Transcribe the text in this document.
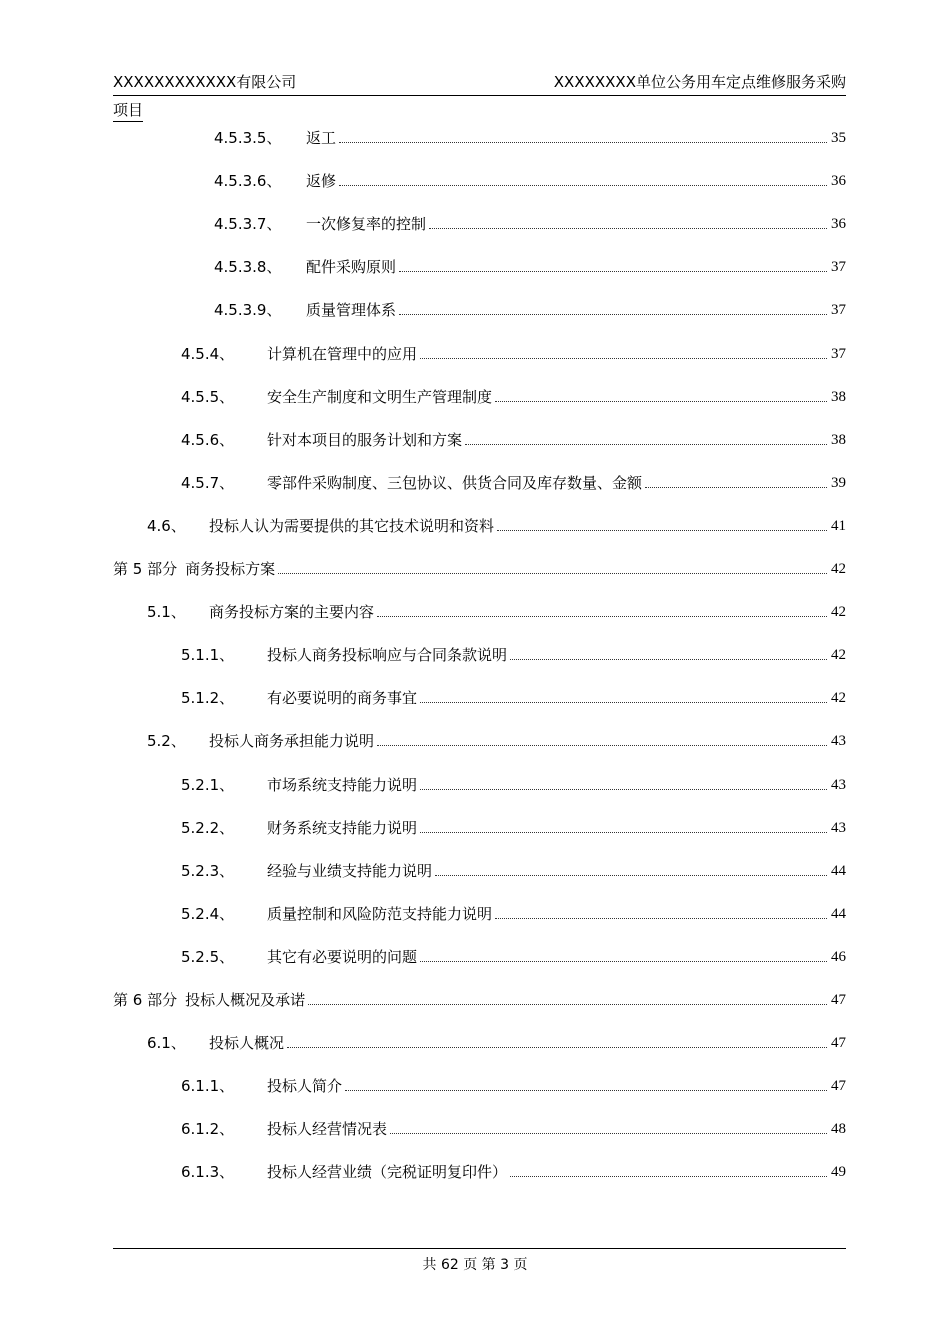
XXXXXXXXXXXX有限公司	XXXXXXXX单位公务用车定点维修服务采购
项目
4.5.3.5、	返工	35
4.5.3.6、	返修	36
4.5.3.7、	一次修复率的控制	36
4.5.3.8、	配件采购原则	37
4.5.3.9、	质量管理体系	37
4.5.4、	计算机在管理中的应用	37
4.5.5、	安全生产制度和文明生产管理制度	38
4.5.6、	针对本项目的服务计划和方案	38
4.5.7、	零部件采购制度、三包协议、供货合同及库存数量、金额	39
4.6、	投标人认为需要提供的其它技术说明和资料	41
第 5 部分 商务投标方案	42
5.1、	商务投标方案的主要内容	42
5.1.1、	投标人商务投标响应与合同条款说明	42
5.1.2、	有必要说明的商务事宜	42
5.2、	投标人商务承担能力说明	43
5.2.1、	市场系统支持能力说明	43
5.2.2、	财务系统支持能力说明	43
5.2.3、	经验与业绩支持能力说明	44
5.2.4、	质量控制和风险防范支持能力说明	44
5.2.5、	其它有必要说明的问题	46
第 6 部分 投标人概况及承诺	47
6.1、	投标人概况	47
6.1.1、	投标人简介	47
6.1.2、	投标人经营情况表	48
6.1.3、	投标人经营业绩（完税证明复印件）	49
共 62 页 第 3 页
